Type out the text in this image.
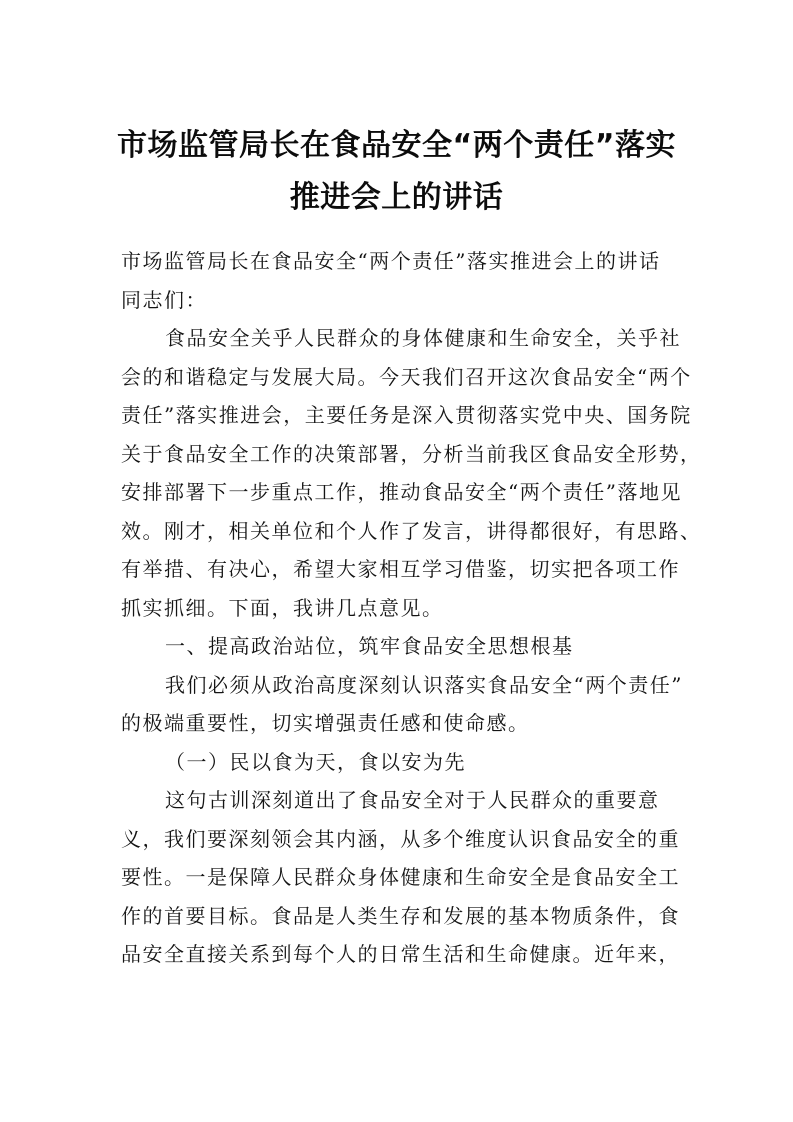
市场监管局长在食品安全“两个责任”落实
推进会上的讲话
市场监管局长在食品安全“两个责任”落实推进会上的讲话
同志们：
食品安全关乎人民群众的身体健康和生命安全，关乎社
会的和谐稳定与发展大局。今天我们召开这次食品安全“两个
责任”落实推进会，主要任务是深入贯彻落实党中央、国务院
关于食品安全工作的决策部署，分析当前我区食品安全形势，
安排部署下一步重点工作，推动食品安全“两个责任”落地见
效。刚才，相关单位和个人作了发言，讲得都很好，有思路、
有举措、有决心，希望大家相互学习借鉴，切实把各项工作
抓实抓细。下面，我讲几点意见。
一、提高政治站位，筑牢食品安全思想根基
我们必须从政治高度深刻认识落实食品安全“两个责任”
的极端重要性，切实增强责任感和使命感。
（一）民以食为天，食以安为先
这句古训深刻道出了食品安全对于人民群众的重要意
义，我们要深刻领会其内涵，从多个维度认识食品安全的重
要性。一是保障人民群众身体健康和生命安全是食品安全工
作的首要目标。食品是人类生存和发展的基本物质条件，食
品安全直接关系到每个人的日常生活和生命健康。近年来，
